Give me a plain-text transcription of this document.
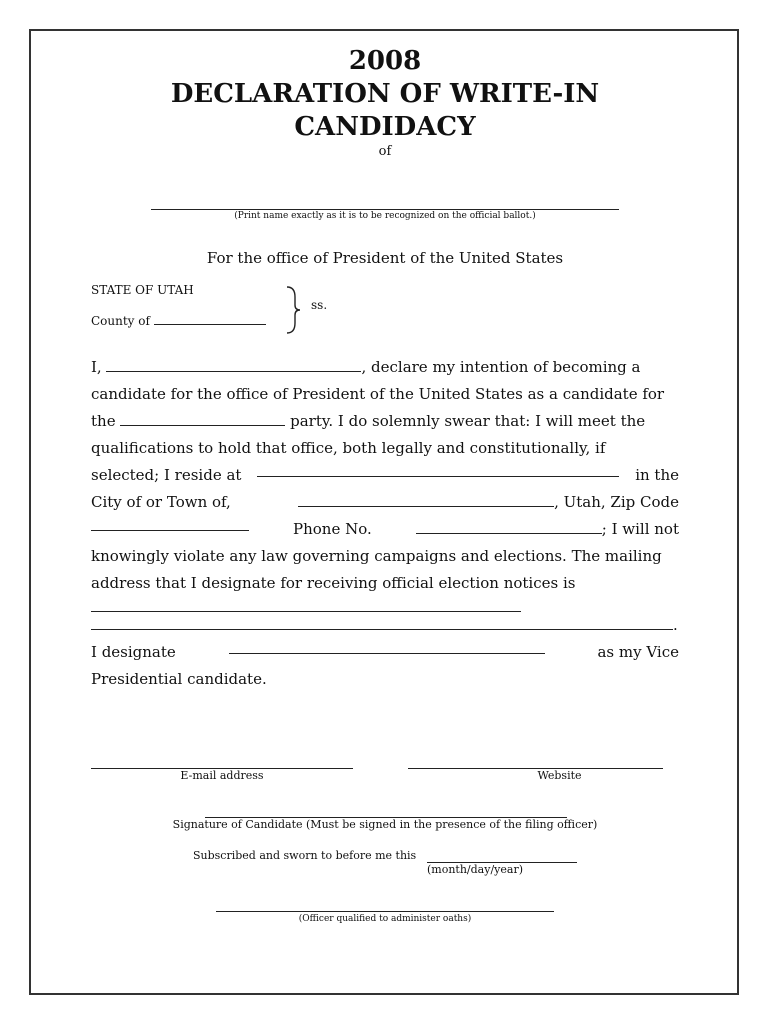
2008
DECLARATION OF WRITE-IN
CANDIDACY
of
(Print name exactly as it is to be recognized on the official ballot.)
For the office of President of the United States
STATE OF UTAH
County of
ss.
I,	, declare my intention of becoming a
candidate for the office of President of the United States as a candidate for
the	party. I do solemnly swear that: I will meet the
qualifications to hold that office, both legally and constitutionally, if
selected; I reside at	in the
City of or Town of,	, Utah, Zip Code
Phone No.	; I will not
knowingly violate any law governing campaigns and elections. The mailing
address that I designate for receiving official election notices is
.
I designate	as my Vice
Presidential candidate.
E-mail address	Website
Signature of Candidate (Must be signed in the presence of the filing officer)
Subscribed and sworn to before me this
(month/day/year)
(Officer qualified to administer oaths)
